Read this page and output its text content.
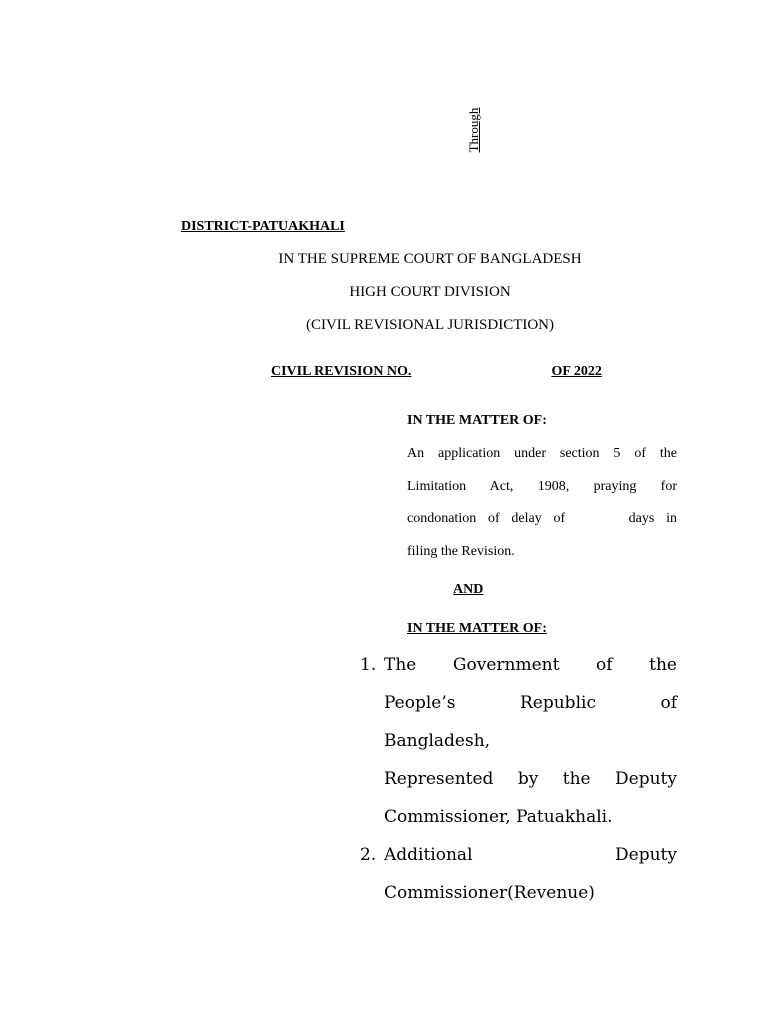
Through
DISTRICT-PATUAKHALI
IN THE SUPREME COURT OF BANGLADESH
HIGH COURT DIVISION
(CIVIL REVISIONAL JURISDICTION)
CIVIL REVISION NO.	OF 2022
IN THE MATTER OF:
An application under section 5 of the
Limitation Act, 1908, praying for
condonation of delay of	days in
filing the Revision.
AND
IN THE MATTER OF:
1. The Government of the
People’s Republic of
Bangladesh,
Represented by the Deputy
Commissioner, Patuakhali.
2. Additional Deputy
Commissioner(Revenue)
